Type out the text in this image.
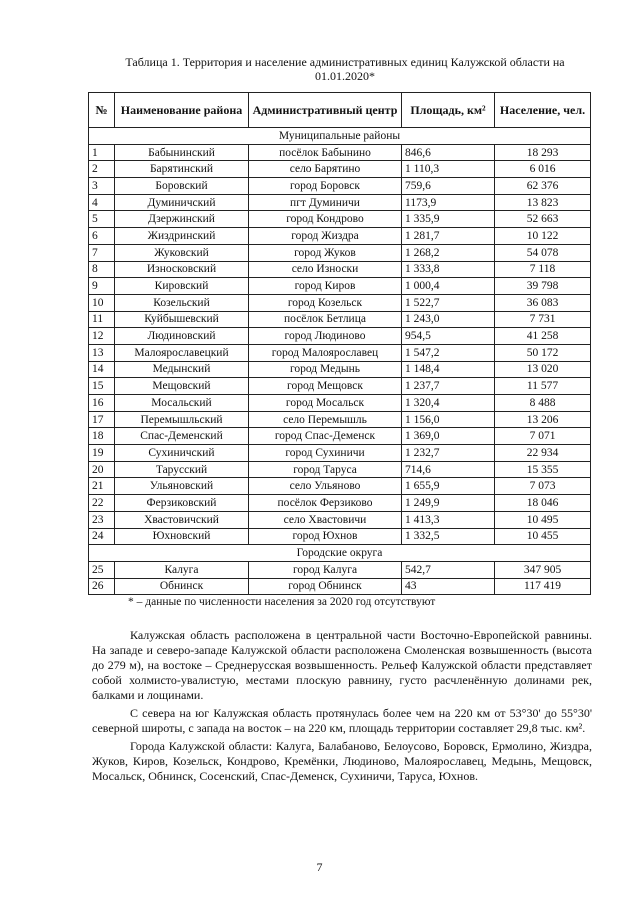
Таблица 1. Территория и население административных единиц Калужской области на 01.01.2020*
№	Наименование района	Административный центр	Площадь, км²	Население, чел.
Муниципальные районы				
1	Бабынинский	посёлок Бабынино	846,6	18 293
2	Барятинский	село Барятино	1 110,3	6 016
3	Боровский	город Боровск	759,6	62 376
4	Думиничский	пгт Думиничи	1173,9	13 823
5	Дзержинский	город Кондрово	1 335,9	52 663
6	Жиздринский	город Жиздра	1 281,7	10 122
7	Жуковский	город Жуков	1 268,2	54 078
8	Износковский	село Износки	1 333,8	7 118
9	Кировский	город Киров	1 000,4	39 798
10	Козельский	город Козельск	1 522,7	36 083
11	Куйбышевский	посёлок Бетлица	1 243,0	7 731
12	Людиновский	город Людиново	954,5	41 258
13	Малоярославецкий	город Малоярославец	1 547,2	50 172
14	Медынский	город Медынь	1 148,4	13 020
15	Мещовский	город Мещовск	1 237,7	11 577
16	Мосальский	город Мосальск	1 320,4	8 488
17	Перемышльский	село Перемышль	1 156,0	13 206
18	Спас-Деменский	город Спас-Деменск	1 369,0	7 071
19	Сухиничский	город Сухиничи	1 232,7	22 934
20	Тарусский	город Таруса	714,6	15 355
21	Ульяновский	село Ульяново	1 655,9	7 073
22	Ферзиковский	посёлок Ферзиково	1 249,9	18 046
23	Хвастовичский	село Хвастовичи	1 413,3	10 495
24	Юхновский	город Юхнов	1 332,5	10 455
Городские округа				
25	Калуга	город Калуга	542,7	347 905
26	Обнинск	город Обнинск	43	117 419
* – данные по численности населения за 2020 год отсутствуют

Калужская область расположена в центральной части Восточно-Европейской равнины. На западе и северо-западе Калужской области расположена Смоленская возвышенность (высота до 279 м), на востоке – Среднерусская возвышенность. Рельеф Калужской области представляет собой холмисто-увалистую, местами плоскую равнину, густо расчленённую долинами рек, балками и лощинами.

С севера на юг Калужская область протянулась более чем на 220 км от 53°30' до 55°30' северной широты, с запада на восток – на 220 км, площадь территории составляет 29,8 тыс. км².

Города Калужской области: Калуга, Балабаново, Белоусово, Боровск, Ермолино, Жиздра, Жуков, Киров, Козельск, Кондрово, Кремёнки, Людиново, Малоярославец, Медынь, Мещовск, Мосальск, Обнинск, Сосенский, Спас-Деменск, Сухиничи, Таруса, Юхнов.

7
